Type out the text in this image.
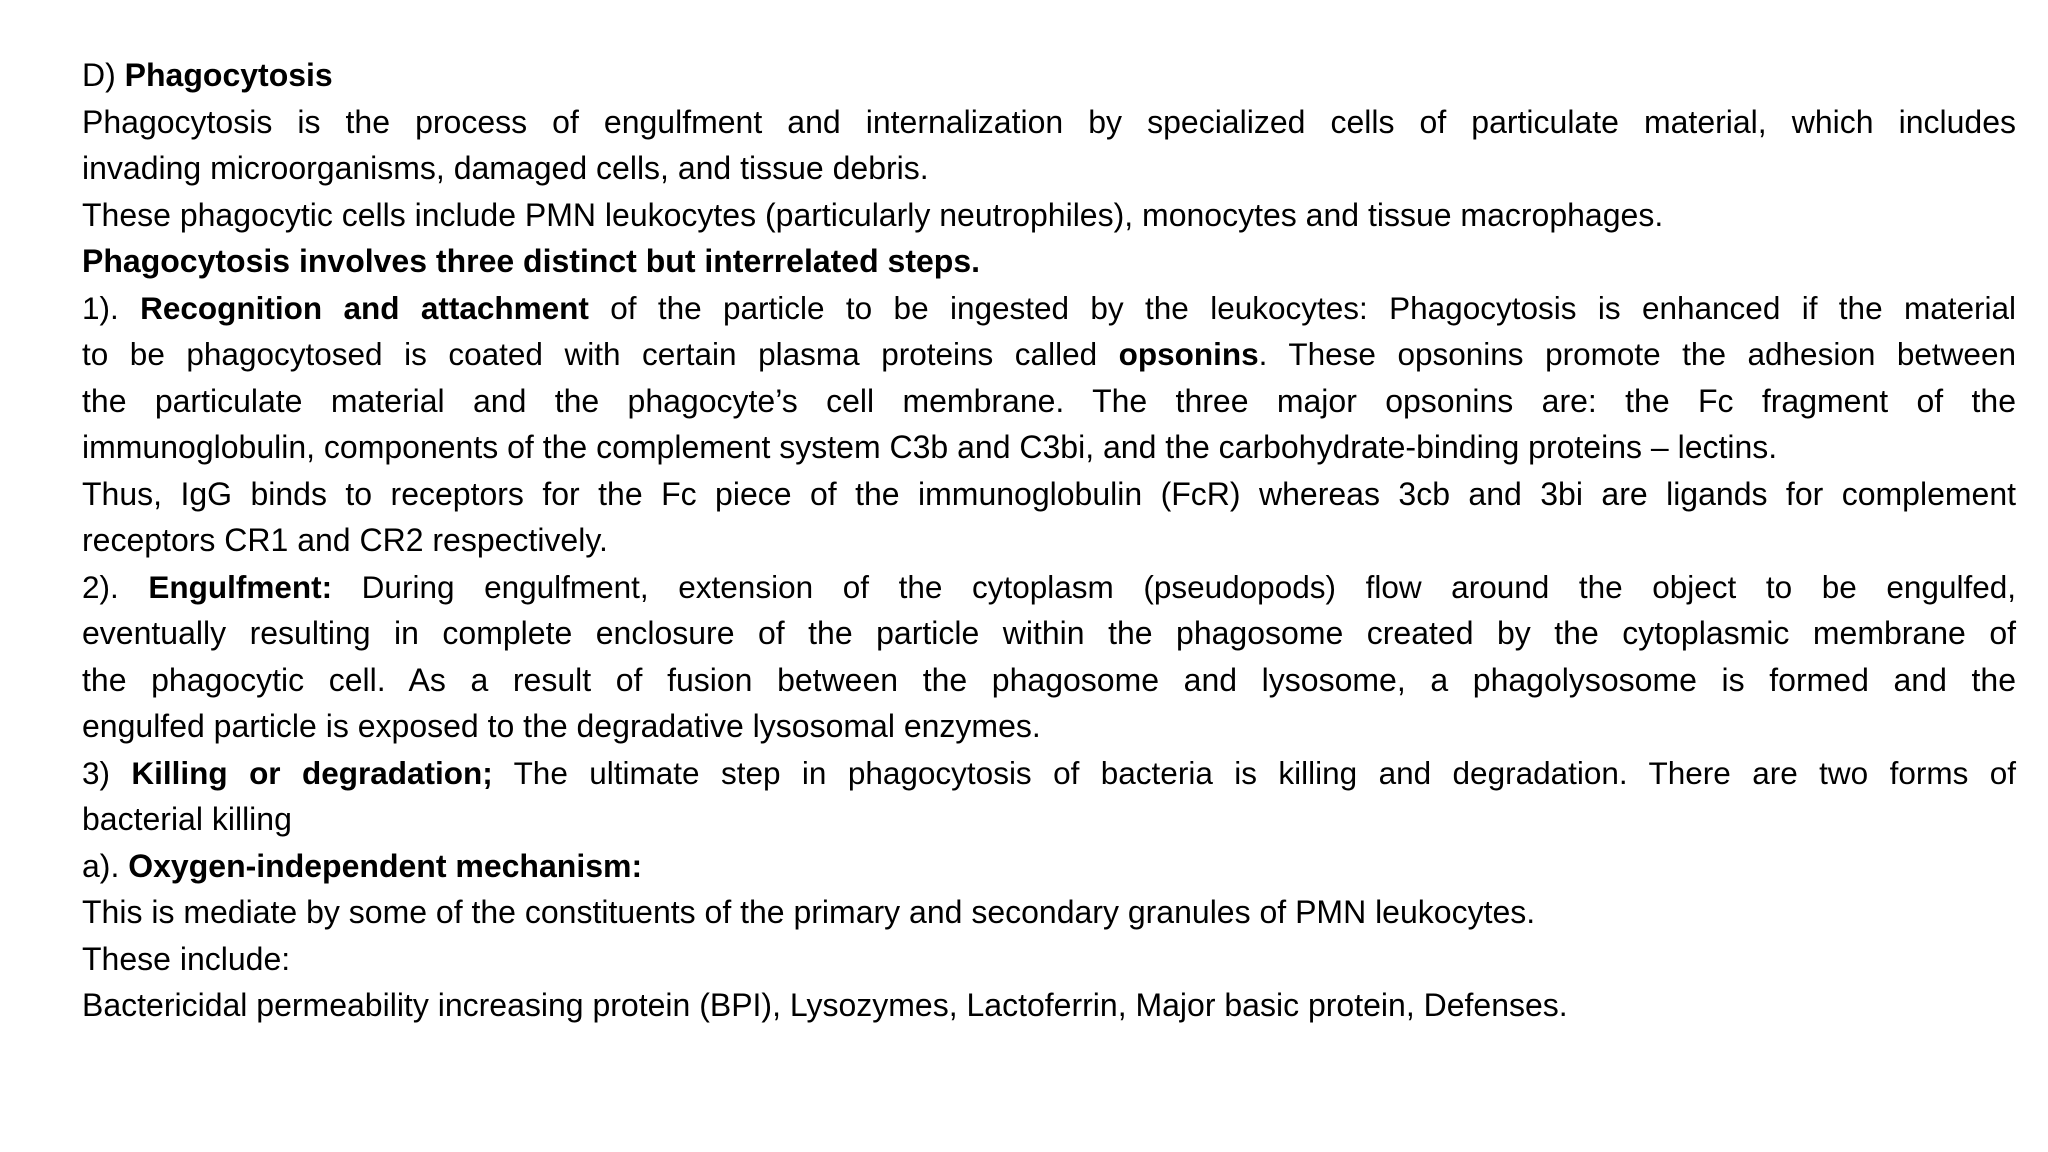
D) Phagocytosis
Phagocytosis is the process of engulfment and internalization by specialized cells of particulate material, which includes
invading microorganisms, damaged cells, and tissue debris.
These phagocytic cells include PMN leukocytes (particularly neutrophiles), monocytes and tissue macrophages.
Phagocytosis involves three distinct but interrelated steps.
1). Recognition and attachment of the particle to be ingested by the leukocytes: Phagocytosis is enhanced if the material
to be phagocytosed is coated with certain plasma proteins called opsonins. These opsonins promote the adhesion between
the particulate material and the phagocyte’s cell membrane. The three major opsonins are: the Fc fragment of the
immunoglobulin, components of the complement system C3b and C3bi, and the carbohydrate-binding proteins – lectins.
Thus, IgG binds to receptors for the Fc piece of the immunoglobulin (FcR) whereas 3cb and 3bi are ligands for complement
receptors CR1 and CR2 respectively.
2). Engulfment: During engulfment, extension of the cytoplasm (pseudopods) flow around the object to be engulfed,
eventually resulting in complete enclosure of the particle within the phagosome created by the cytoplasmic membrane of
the phagocytic cell. As a result of fusion between the phagosome and lysosome, a phagolysosome is formed and the
engulfed particle is exposed to the degradative lysosomal enzymes.
3) Killing or degradation; The ultimate step in phagocytosis of bacteria is killing and degradation. There are two forms of
bacterial killing
a). Oxygen-independent mechanism:
This is mediate by some of the constituents of the primary and secondary granules of PMN leukocytes.
These include:
Bactericidal permeability increasing protein (BPI), Lysozymes, Lactoferrin, Major basic protein, Defenses.
